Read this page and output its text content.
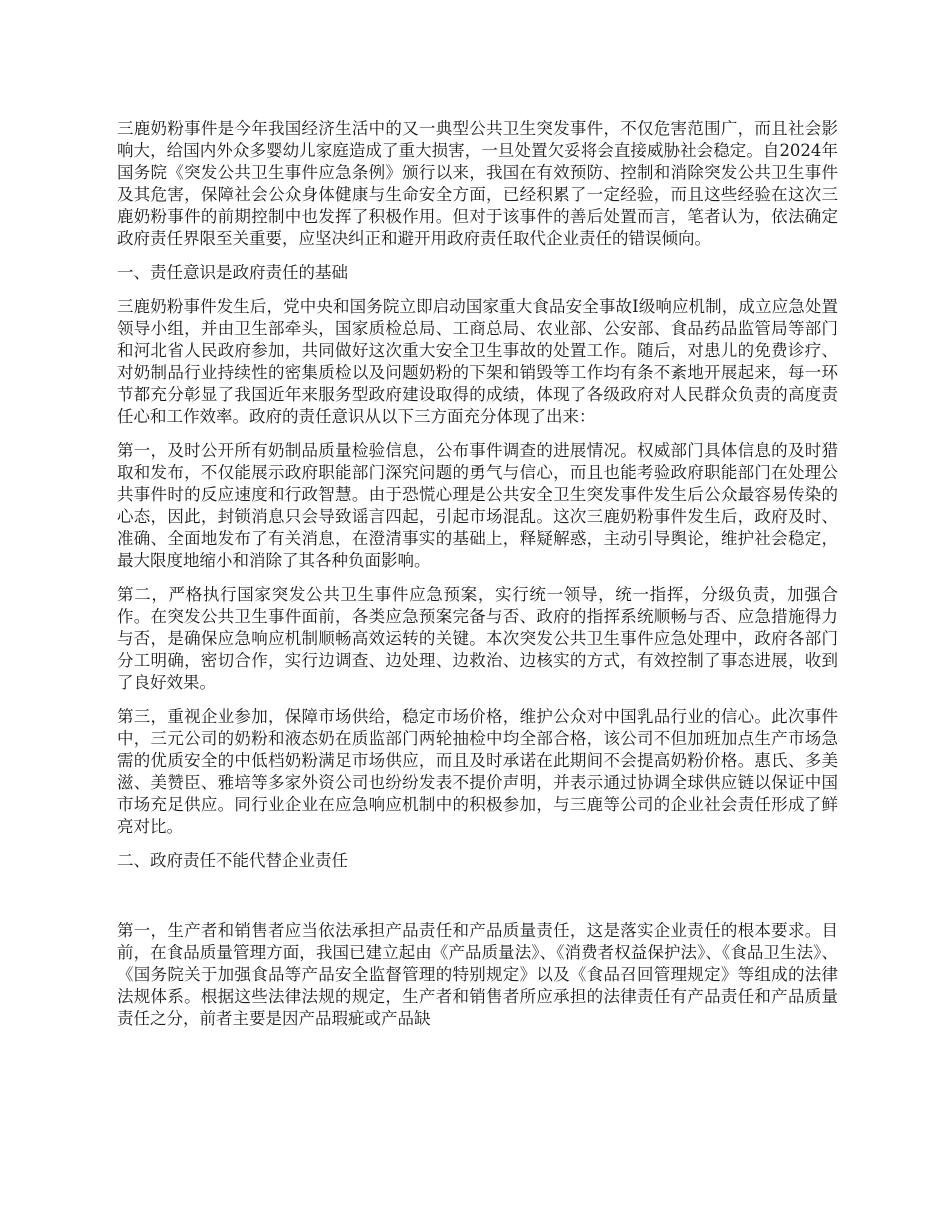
三鹿奶粉事件是今年我国经济生活中的又一典型公共卫生突发事件，不仅危害范围广，而且社会影响大，给国内外众多婴幼儿家庭造成了重大损害，一旦处置欠妥将会直接威胁社会稳定。自2024年国务院《突发公共卫生事件应急条例》颁行以来，我国在有效预防、控制和消除突发公共卫生事件及其危害，保障社会公众身体健康与生命安全方面，已经积累了一定经验，而且这些经验在这次三鹿奶粉事件的前期控制中也发挥了积极作用。但对于该事件的善后处置而言，笔者认为，依法确定政府责任界限至关重要，应坚决纠正和避开用政府责任取代企业责任的错误倾向。

一、责任意识是政府责任的基础

三鹿奶粉事件发生后，党中央和国务院立即启动国家重大食品安全事故Ⅰ级响应机制，成立应急处置领导小组，并由卫生部牵头，国家质检总局、工商总局、农业部、公安部、食品药品监管局等部门和河北省人民政府参加，共同做好这次重大安全卫生事故的处置工作。随后，对患儿的免费诊疗、对奶制品行业持续性的密集质检以及问题奶粉的下架和销毁等工作均有条不紊地开展起来，每一环节都充分彰显了我国近年来服务型政府建设取得的成绩，体现了各级政府对人民群众负责的高度责任心和工作效率。政府的责任意识从以下三方面充分体现了出来：

第一，及时公开所有奶制品质量检验信息，公布事件调查的进展情况。权威部门具体信息的及时猎取和发布，不仅能展示政府职能部门深究问题的勇气与信心，而且也能考验政府职能部门在处理公共事件时的反应速度和行政智慧。由于恐慌心理是公共安全卫生突发事件发生后公众最容易传染的心态，因此，封锁消息只会导致谣言四起，引起市场混乱。这次三鹿奶粉事件发生后，政府及时、准确、全面地发布了有关消息，在澄清事实的基础上，释疑解惑，主动引导舆论，维护社会稳定，最大限度地缩小和消除了其各种负面影响。

第二，严格执行国家突发公共卫生事件应急预案，实行统一领导，统一指挥，分级负责，加强合作。在突发公共卫生事件面前，各类应急预案完备与否、政府的指挥系统顺畅与否、应急措施得力与否，是确保应急响应机制顺畅高效运转的关键。本次突发公共卫生事件应急处理中，政府各部门分工明确，密切合作，实行边调查、边处理、边救治、边核实的方式，有效控制了事态进展，收到了良好效果。

第三，重视企业参加，保障市场供给，稳定市场价格，维护公众对中国乳品行业的信心。此次事件中，三元公司的奶粉和液态奶在质监部门两轮抽检中均全部合格，该公司不但加班加点生产市场急需的优质安全的中低档奶粉满足市场供应，而且及时承诺在此期间不会提高奶粉价格。惠氏、多美滋、美赞臣、雅培等多家外资公司也纷纷发表不提价声明，并表示通过协调全球供应链以保证中国市场充足供应。同行业企业在应急响应机制中的积极参加，与三鹿等公司的企业社会责任形成了鲜亮对比。

二、政府责任不能代替企业责任

第一，生产者和销售者应当依法承担产品责任和产品质量责任，这是落实企业责任的根本要求。目前，在食品质量管理方面，我国已建立起由《产品质量法》、《消费者权益保护法》、《食品卫生法》、《国务院关于加强食品等产品安全监督管理的特别规定》以及《食品召回管理规定》等组成的法律法规体系。根据这些法律法规的规定，生产者和销售者所应承担的法律责任有产品责任和产品质量责任之分，前者主要是因产品瑕疵或产品缺
